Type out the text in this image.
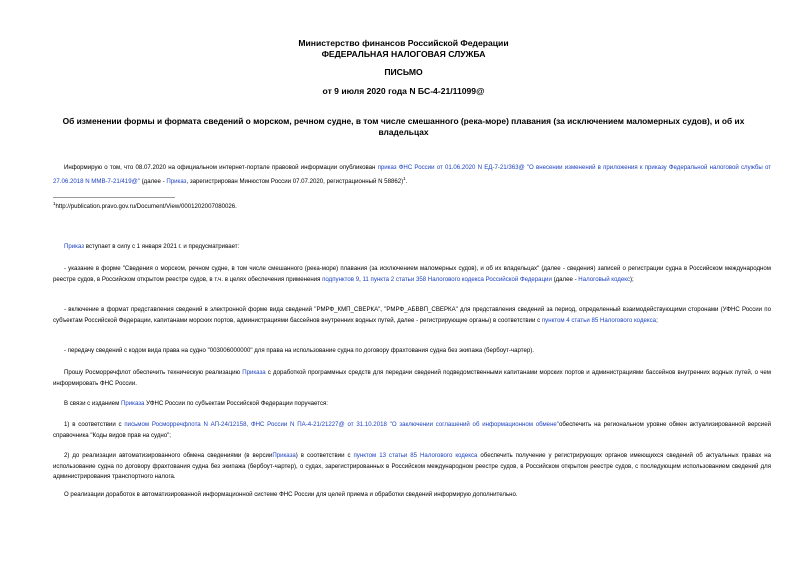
Министерство финансов Российской Федерации
ФЕДЕРАЛЬНАЯ НАЛОГОВАЯ СЛУЖБА
ПИСЬМО
от 9 июля 2020 года N БС-4-21/11099@
Об изменении формы и формата сведений о морском, речном судне, в том числе смешанного (река-море) плавания (за исключением маломерных судов), и об их владельцах
Информирую о том, что 08.07.2020 на официальном интернет-портале правовой информации опубликован приказ ФНС России от 01.06.2020 N ЕД-7-21/363@ "О внесении изменений в приложения к приказу Федеральной налоговой службы от 27.06.2018 N ММВ-7-21/419@" (далее - Приказ, зарегистрирован Минюстом России 07.07.2020, регистрационный N 58862)$^1$.
$^1$http://publication.pravo.gov.ru/Document/View/0001202007080026.
Приказ вступает в силу с 1 января 2021 г. и предусматривает:
- указание в форме "Сведения о морском, речном судне, в том числе смешанного (река-море) плавания (за исключением маломерных судов), и об их владельцах" (далее - сведения) записей о регистрации судна в Российском международном реестре судов, в Российском открытом реестре судов, в т.ч. в целях обеспечения применения подпунктов 9, 11 пункта 2 статьи 358 Налогового кодекса Российской Федерации (далее - Налоговый кодекс);
- включение в формат представления сведений в электронной форме вида сведений "РМРФ_КМП_СВЕРКА", "РМРФ_АБВВП_СВЕРКА" для представления сведений за период, определенный взаимодействующими сторонами (УФНС России по субъектам Российской Федерации, капитанами морских портов, администрациями бассейнов внутренних водных путей, далее - регистрирующие органы) в соответствии с пунктом 4 статьи 85 Налогового кодекса;
- передачу сведений с кодом вида права на судно "003006000000" для права на использование судна по договору фрахтования судна без экипажа (бербоут-чартер).
Прошу Росморречфлот обеспечить техническую реализацию Приказа с доработкой программных средств для передачи сведений подведомственными капитанами морских портов и администрациями бассейнов внутренних водных путей, о чем информировать ФНС России.
В связи с изданием Приказа УФНС России по субъектам Российской Федерации поручается:
1) в соответствии с письмом Росморречфлота N АП-24/12158, ФНС России N ПА-4-21/21227@ от 31.10.2018 "О заключении соглашений об информационном обмене"обеспечить на региональном уровне обмен актуализированной версией справочника "Коды видов прав на судно";
2) до реализации автоматизированного обмена сведениями (в версииПриказа) в соответствии с пунктом 13 статьи 85 Налогового кодекса обеспечить получение у регистрирующих органов имеющихся сведений об актуальных правах на использование судна по договору фрахтования судна без экипажа (бербоут-чартер), о судах, зарегистрированных в Российском международном реестре судов, в Российском открытом реестре судов, с последующим использованием сведений для администрирования транспортного налога.
О реализации доработок в автоматизированной информационной системе ФНС России для целей приема и обработки сведений информирую дополнительно.
